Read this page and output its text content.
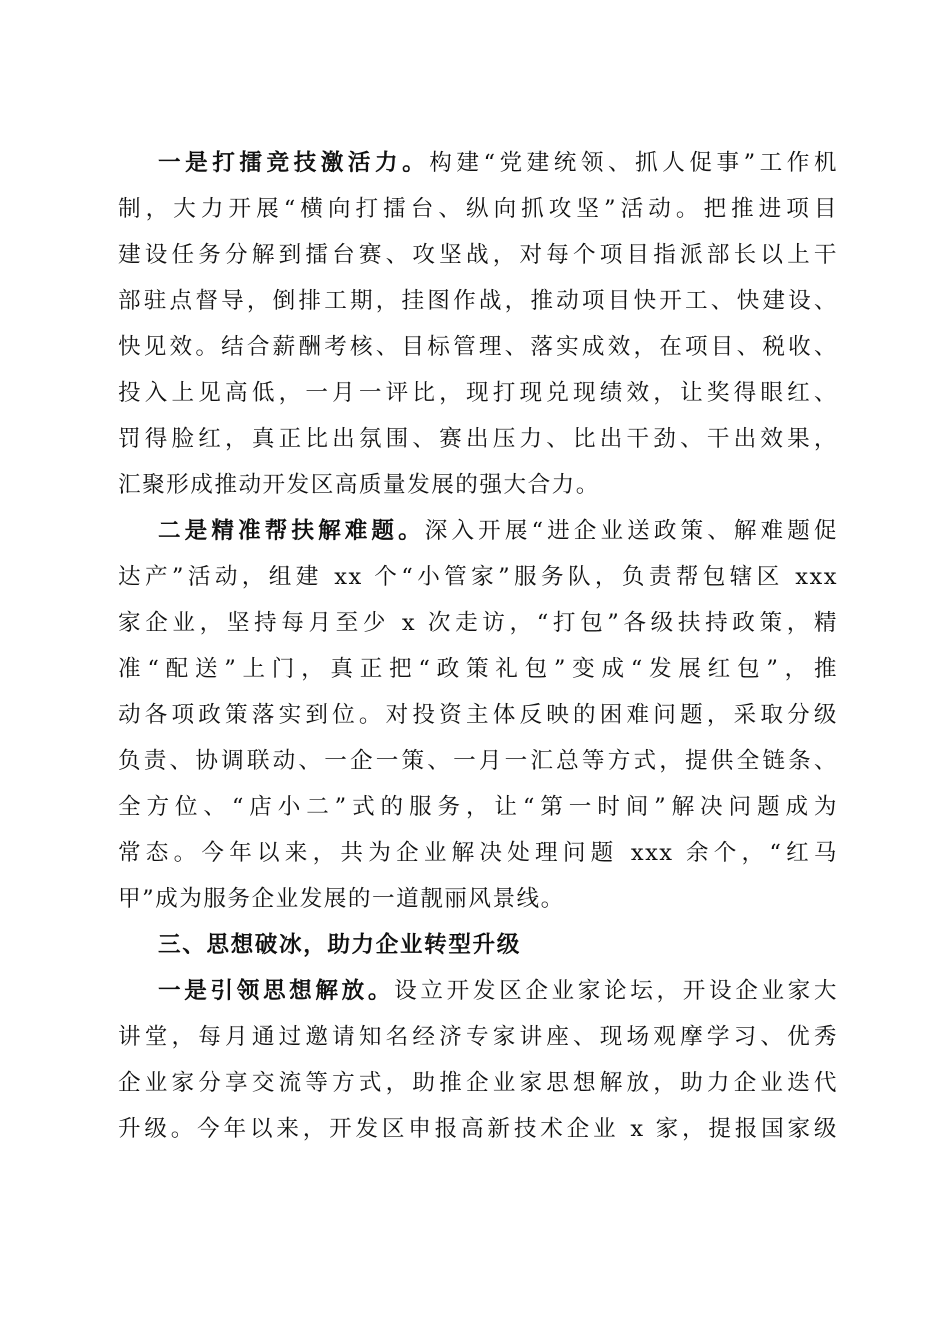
一是打擂竞技激活力。构建“党建统领、抓人促事”工作机
制，大力开展“横向打擂台、纵向抓攻坚”活动。把推进项目
建设任务分解到擂台赛、攻坚战，对每个项目指派部长以上干
部驻点督导，倒排工期，挂图作战，推动项目快开工、快建设、
快见效。结合薪酬考核、目标管理、落实成效，在项目、税收、
投入上见高低，一月一评比，现打现兑现绩效，让奖得眼红、
罚得脸红，真正比出氛围、赛出压力、比出干劲、干出效果，
汇聚形成推动开发区高质量发展的强大合力。
二是精准帮扶解难题。深入开展“进企业送政策、解难题促
达产”活动，组建 xx 个“小管家”服务队，负责帮包辖区 xxx
家企业，坚持每月至少 x 次走访，“打包”各级扶持政策，精
准“配送”上门，真正把“政策礼包”变成“发展红包”，推
动各项政策落实到位。对投资主体反映的困难问题，采取分级
负责、协调联动、一企一策、一月一汇总等方式，提供全链条、
全方位、“店小二”式的服务，让“第一时间”解决问题成为
常态。今年以来，共为企业解决处理问题 xxx 余个，“红马
甲”成为服务企业发展的一道靓丽风景线。
三、思想破冰，助力企业转型升级
一是引领思想解放。设立开发区企业家论坛，开设企业家大
讲堂，每月通过邀请知名经济专家讲座、现场观摩学习、优秀
企业家分享交流等方式，助推企业家思想解放，助力企业迭代
升级。今年以来，开发区申报高新技术企业 x 家，提报国家级
